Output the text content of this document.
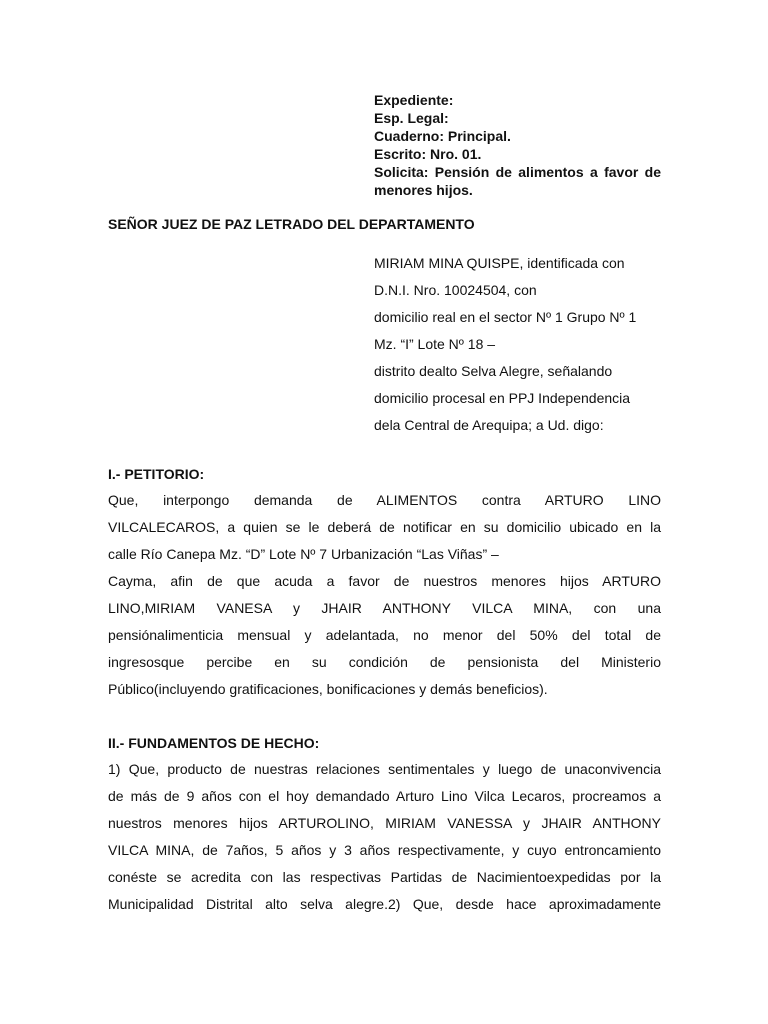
Expediente:
Esp. Legal:
Cuaderno: Principal.
Escrito: Nro. 01.
Solicita: Pensión de alimentos a favor de menores hijos.
SEÑOR JUEZ DE PAZ LETRADO DEL DEPARTAMENTO
MIRIAM MINA QUISPE, identificada con
D.N.I. Nro. 10024504, con
domicilio real en el sector Nº 1 Grupo Nº 1
Mz. “I” Lote Nº 18 –
distrito dealto Selva Alegre, señalando
domicilio procesal en PPJ Independencia
dela Central de Arequipa; a Ud. digo:
I.- PETITORIO:
Que, interpongo demanda de ALIMENTOS contra ARTURO LINO
VILCALECAROS, a quien se le deberá de notificar en su domicilio ubicado en la
calle Río Canepa Mz. “D” Lote Nº 7 Urbanización “Las Viñas” –
Cayma, afin de que acuda a favor de nuestros menores hijos ARTURO
LINO,MIRIAM VANESA y JHAIR ANTHONY VILCA MINA, con una
pensiónalimenticia mensual y adelantada, no menor del 50% del total de
ingresosque percibe en su condición de pensionista del Ministerio
Público(incluyendo gratificaciones, bonificaciones y demás beneficios).
II.- FUNDAMENTOS DE HECHO:
1) Que, producto de nuestras relaciones sentimentales y luego de unaconvivencia
de más de 9 años con el hoy demandado Arturo Lino Vilca Lecaros, procreamos a
nuestros menores hijos ARTUROLINO, MIRIAM VANESSA y JHAIR ANTHONY
VILCA MINA, de 7años, 5 años y 3 años respectivamente, y cuyo entroncamiento
conéste se acredita con las respectivas Partidas de Nacimientoexpedidas por la
Municipalidad Distrital alto selva alegre.2) Que, desde hace aproximadamente
